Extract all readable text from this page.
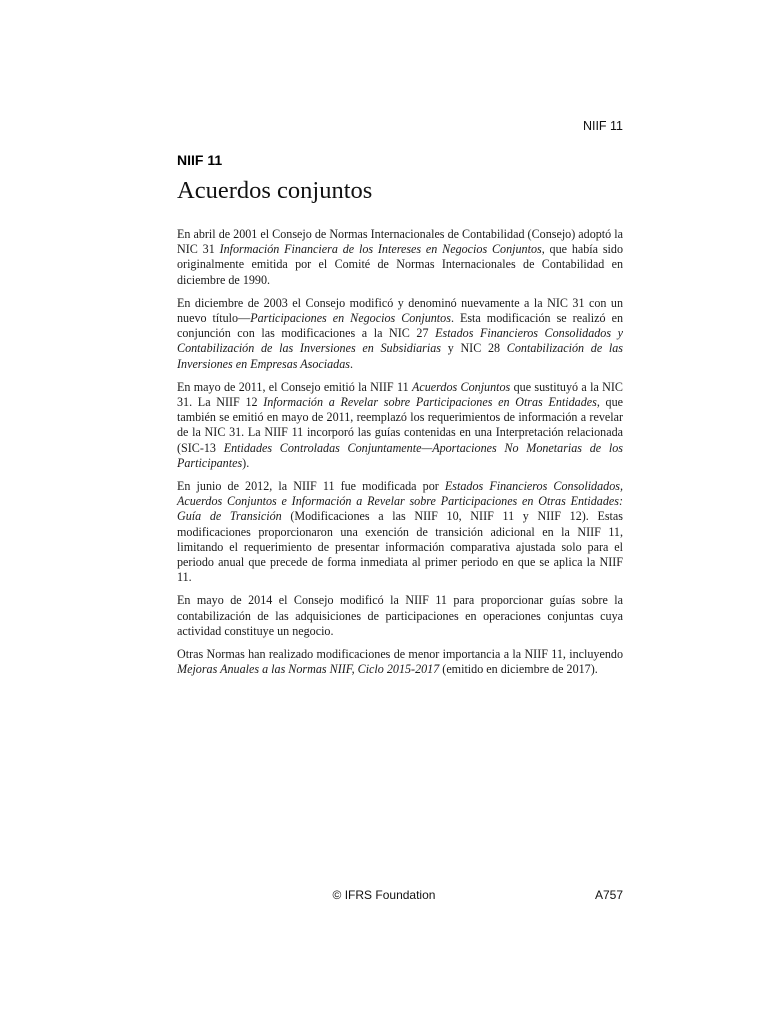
NIIF 11
NIIF 11
Acuerdos conjuntos

En abril de 2001 el Consejo de Normas Internacionales de Contabilidad (Consejo) adoptó la NIC 31 Información Financiera de los Intereses en Negocios Conjuntos, que había sido originalmente emitida por el Comité de Normas Internacionales de Contabilidad en diciembre de 1990.

En diciembre de 2003 el Consejo modificó y denominó nuevamente a la NIC 31 con un nuevo título—Participaciones en Negocios Conjuntos. Esta modificación se realizó en conjunción con las modificaciones a la NIC 27 Estados Financieros Consolidados y Contabilización de las Inversiones en Subsidiarias y NIC 28 Contabilización de las Inversiones en Empresas Asociadas.

En mayo de 2011, el Consejo emitió la NIIF 11 Acuerdos Conjuntos que sustituyó a la NIC 31. La NIIF 12 Información a Revelar sobre Participaciones en Otras Entidades, que también se emitió en mayo de 2011, reemplazó los requerimientos de información a revelar de la NIC 31. La NIIF 11 incorporó las guías contenidas en una Interpretación relacionada (SIC-13 Entidades Controladas Conjuntamente—Aportaciones No Monetarias de los Participantes).

En junio de 2012, la NIIF 11 fue modificada por Estados Financieros Consolidados, Acuerdos Conjuntos e Información a Revelar sobre Participaciones en Otras Entidades: Guía de Transición (Modificaciones a las NIIF 10, NIIF 11 y NIIF 12). Estas modificaciones proporcionaron una exención de transición adicional en la NIIF 11, limitando el requerimiento de presentar información comparativa ajustada solo para el periodo anual que precede de forma inmediata al primer periodo en que se aplica la NIIF 11.

En mayo de 2014 el Consejo modificó la NIIF 11 para proporcionar guías sobre la contabilización de las adquisiciones de participaciones en operaciones conjuntas cuya actividad constituye un negocio.

Otras Normas han realizado modificaciones de menor importancia a la NIIF 11, incluyendo Mejoras Anuales a las Normas NIIF, Ciclo 2015-2017 (emitido en diciembre de 2017).

© IFRS Foundation	A757
